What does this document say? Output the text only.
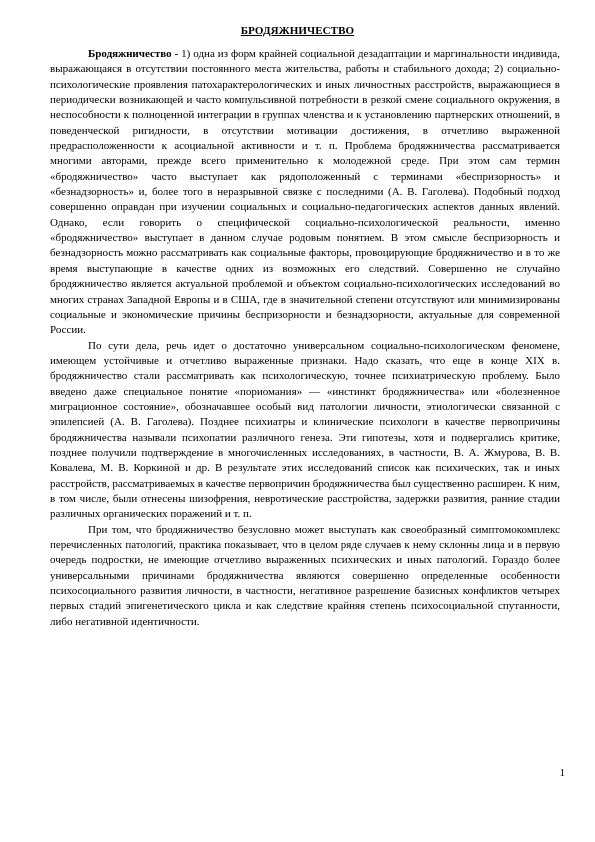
БРОДЯЖНИЧЕСТВО

Бродяжничество - 1) одна из форм крайней социальной дезадаптации и маргинальности индивида, выражающаяся в отсутствии постоянного места жительства, работы и стабильного дохода; 2) социально-психологические проявления патохарактерологических и иных личностных расстройств, выражающиеся в периодически возникающей и часто компульсивной потребности в резкой смене социального окружения, в неспособности к полноценной интеграции в группах членства и к установлению партнерских отношений, в поведенческой ригидности, в отсутствии мотивации достижения, в отчетливо выраженной предрасположенности к асоциальной активности и т. п. Проблема бродяжничества рассматривается многими авторами, прежде всего применительно к молодежной среде. При этом сам термин «бродяжничество» часто выступает как рядоположенный с терминами «беспризорность» и «безнадзорность» и, более того в неразрывной связке с последними (А. В. Гаголева). Подобный подход совершенно оправдан при изучении социальных и социально-педагогических аспектов данных явлений. Однако, если говорить о специфической социально-психологической реальности, именно «бродяжничество» выступает в данном случае родовым понятием. В этом смысле беспризорность и безнадзорность можно рассматривать как социальные факторы, провоцирующие бродяжничество и в то же время выступающие в качестве одних из возможных его следствий. Совершенно не случайно бродяжничество является актуальной проблемой и объектом социально-психологических исследований во многих странах Западной Европы и в США, где в значительной степени отсутствуют или минимизированы социальные и экономические причины беспризорности и безнадзорности, актуальные для современной России.

По сути дела, речь идет о достаточно универсальном социально-психологическом феномене, имеющем устойчивые и отчетливо выраженные признаки. Надо сказать, что еще в конце XIX в. бродяжничество стали рассматривать как психологическую, точнее психиатрическую проблему. Было введено даже специальное понятие «пориомания» — «инстинкт бродяжничества» или «болезненное миграционное состояние», обозначавшее особый вид патологии личности, этиологически связанной с эпилепсией (А. В. Гаголева). Позднее психиатры и клинические психологи в качестве первопричины бродяжничества называли психопатии различного генеза. Эти гипотезы, хотя и подвергались критике, позднее получили подтверждение в многочисленных исследованиях, в частности, В. А. Жмурова, В. В. Ковалева, М. В. Коркиной и др. В результате этих исследований список как психических, так и иных расстройств, рассматриваемых в качестве первопричин бродяжничества был существенно расширен. К ним, в том числе, были отнесены шизофрения, невротические расстройства, задержки развития, ранние стадии различных органических поражений и т. п.

При том, что бродяжничество безусловно может выступать как своеобразный симптомокомплекс перечисленных патологий, практика показывает, что в целом ряде случаев к нему склонны лица и в первую очередь подростки, не имеющие отчетливо выраженных психических и иных патологий. Гораздо более универсальными причинами бродяжничества являются совершенно определенные особенности психосоциального развития личности, в частности, негативное разрешение базисных конфликтов четырех первых стадий эпигенетического цикла и как следствие крайняя степень психосоциальной спутанности, либо негативной идентичности.

1
